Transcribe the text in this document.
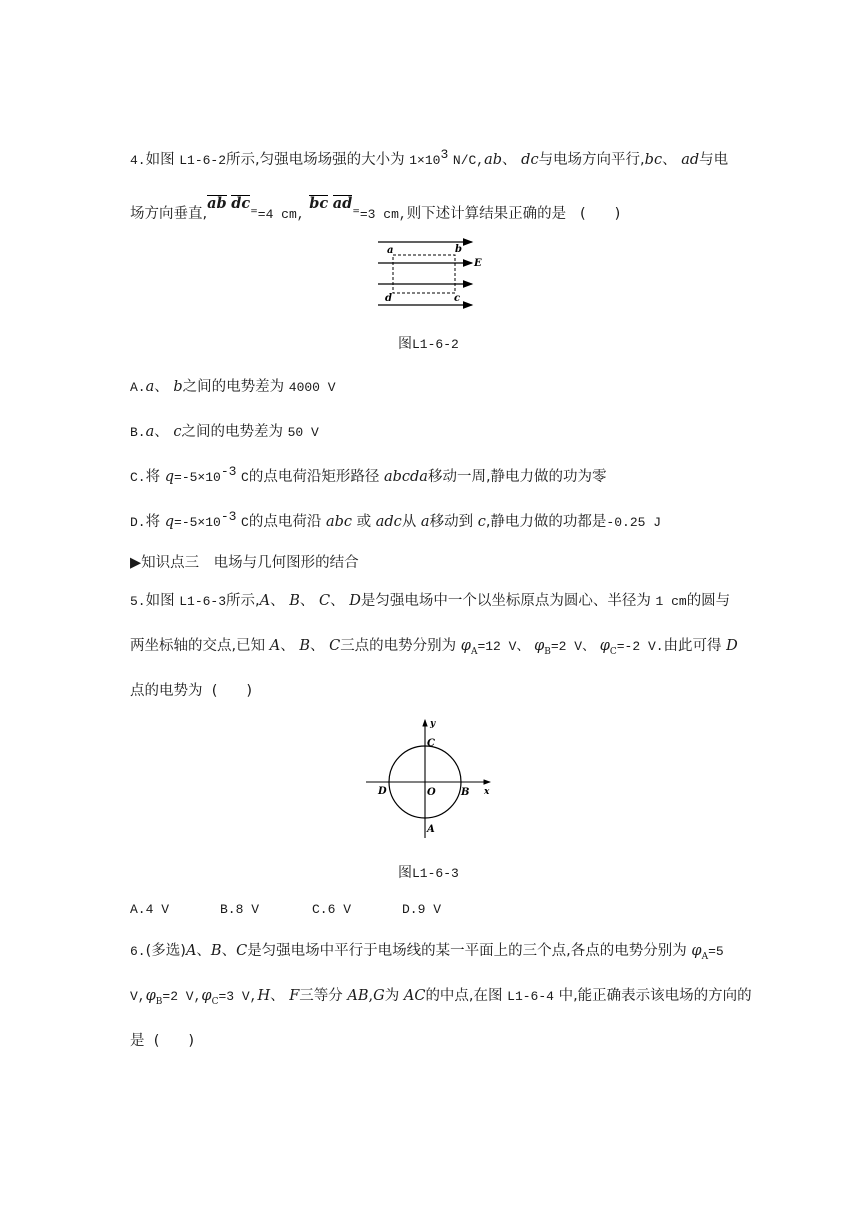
4.如图 L1-6-2所示,匀强电场场强的大小为 $1\times 10^3$ N/C,ab、 dc与电场方向平行,bc、 ad与电
场方向垂直,ab dc==4 cm, bc ad==3 cm,则下述计算结果正确的是 (　　)
a	b
E
d	c
图L1-6-2
A.a、 b之间的电势差为 4000 V
B.a、 c之间的电势差为 50 V
C.将 $q=-5\times 10^{-3}$ C的点电荷沿矩形路径 abcda移动一周,静电力做的功为零
D.将 $q=-5\times 10^{-3}$ C的点电荷沿 abc 或 adc从 a移动到 c,静电力做的功都是-0.25 J
▶知识点三　电场与几何图形的结合
5.如图 L1-6-3所示,A、 B、 C、 D是匀强电场中一个以坐标原点为圆心、半径为 1 cm的圆与
两坐标轴的交点,已知 A、 B、 C三点的电势分别为 $\varphi_A=12$ V、 $\varphi_B=2$ V、 $\varphi_C=-2$ V.由此可得 D
点的电势为 (　　)
y
x
C
D	O	B
A
图L1-6-3
A.4 V	B.8 V	C.6 V	D.9 V
6.(多选)A、B、C是匀强电场中平行于电场线的某一平面上的三个点,各点的电势分别为 $\varphi_A=5$
$V,\varphi_B=2$ $V,\varphi_C=3$ V,H、 F三等分 AB,G为 AC的中点,在图 L1-6-4 中,能正确表示该电场的方向的
是 (　　)
